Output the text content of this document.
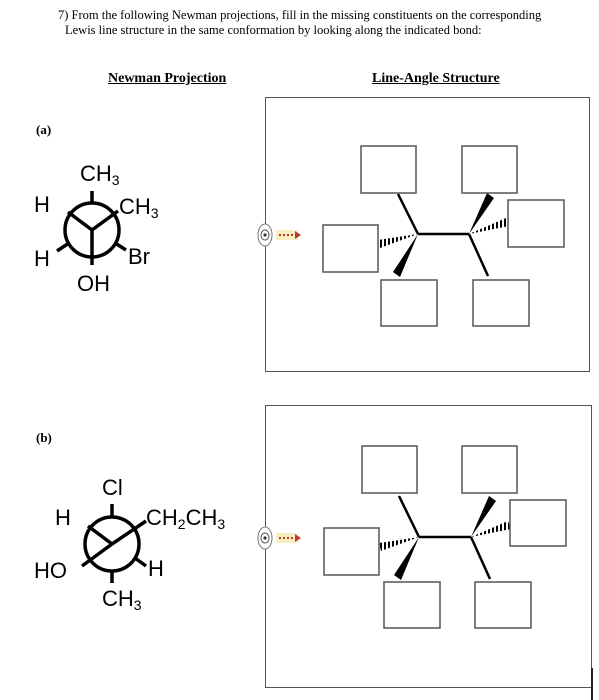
7) From the following Newman projections, fill in the missing constituents on the corresponding
Lewis line structure in the same conformation by looking along the indicated bond:
Newman Projection	Line-Angle Structure
(a)
(b)
$CH_3$
H	$CH_3$
H	Br
OH
Cl
H	$CH_2CH_3$
HO	H
$CH_3$
